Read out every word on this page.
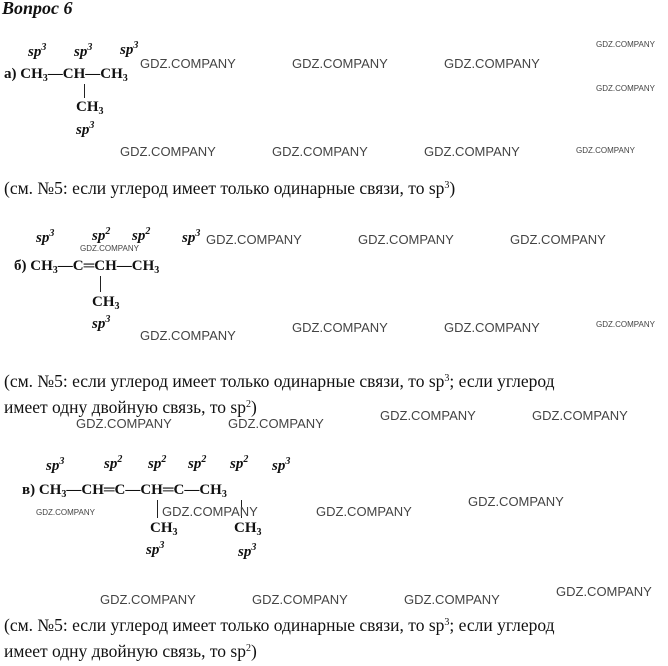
Вопрос 6
$sp^3$ $sp^3$ $sp^3$
а) $CH_3—CH—CH_3$
$CH_3$
$sp^3$
(см. №5: если углерод имеет только одинарные связи, то $sp^3$)
$sp^3$	$sp^2$ $sp^2$ $sp^3$
б) $CH_3—C═CH—CH_3$
$CH_3$
$sp^3$
(см. №5: если углерод имеет только одинарные связи, то $sp^3$; если углерод
имеет одну двойную связь, то $sp^2$)
$sp^3$	$sp^2$ $sp^2$ $sp^2$ $sp^2$ $sp^3$
в) $CH_3—CH═C—CH═C—CH_3$
$CH_3$	$CH_3$
$sp^3$	$sp^3$
(см. №5: если углерод имеет только одинарные связи, то $sp^3$; если углерод
имеет одну двойную связь, то $sp^2$)
GDZ.COMPANY	GDZ.COMPANY	GDZ.COMPANY
GDZ.COMPANY
GDZ.COMPANY
GDZ.COMPANY	GDZ.COMPANY	GDZ.COMPANY	GDZ.COMPANY
GDZ.COMPANY
GDZ.COMPANY	GDZ.COMPANY	GDZ.COMPANY
GDZ.COMPANY
GDZ.COMPANY	GDZ.COMPANY	GDZ.COMPANY
GDZ.COMPANY	GDZ.COMPANY
GDZ.COMPANY	GDZ.COMPANY
GDZ.COMPANY
GDZ.COMPANY
GDZ.COMPANY
GDZ.COMPANY
GDZ.COMPANY
GDZ.COMPANY	GDZ.COMPANY	GDZ.COMPANY
